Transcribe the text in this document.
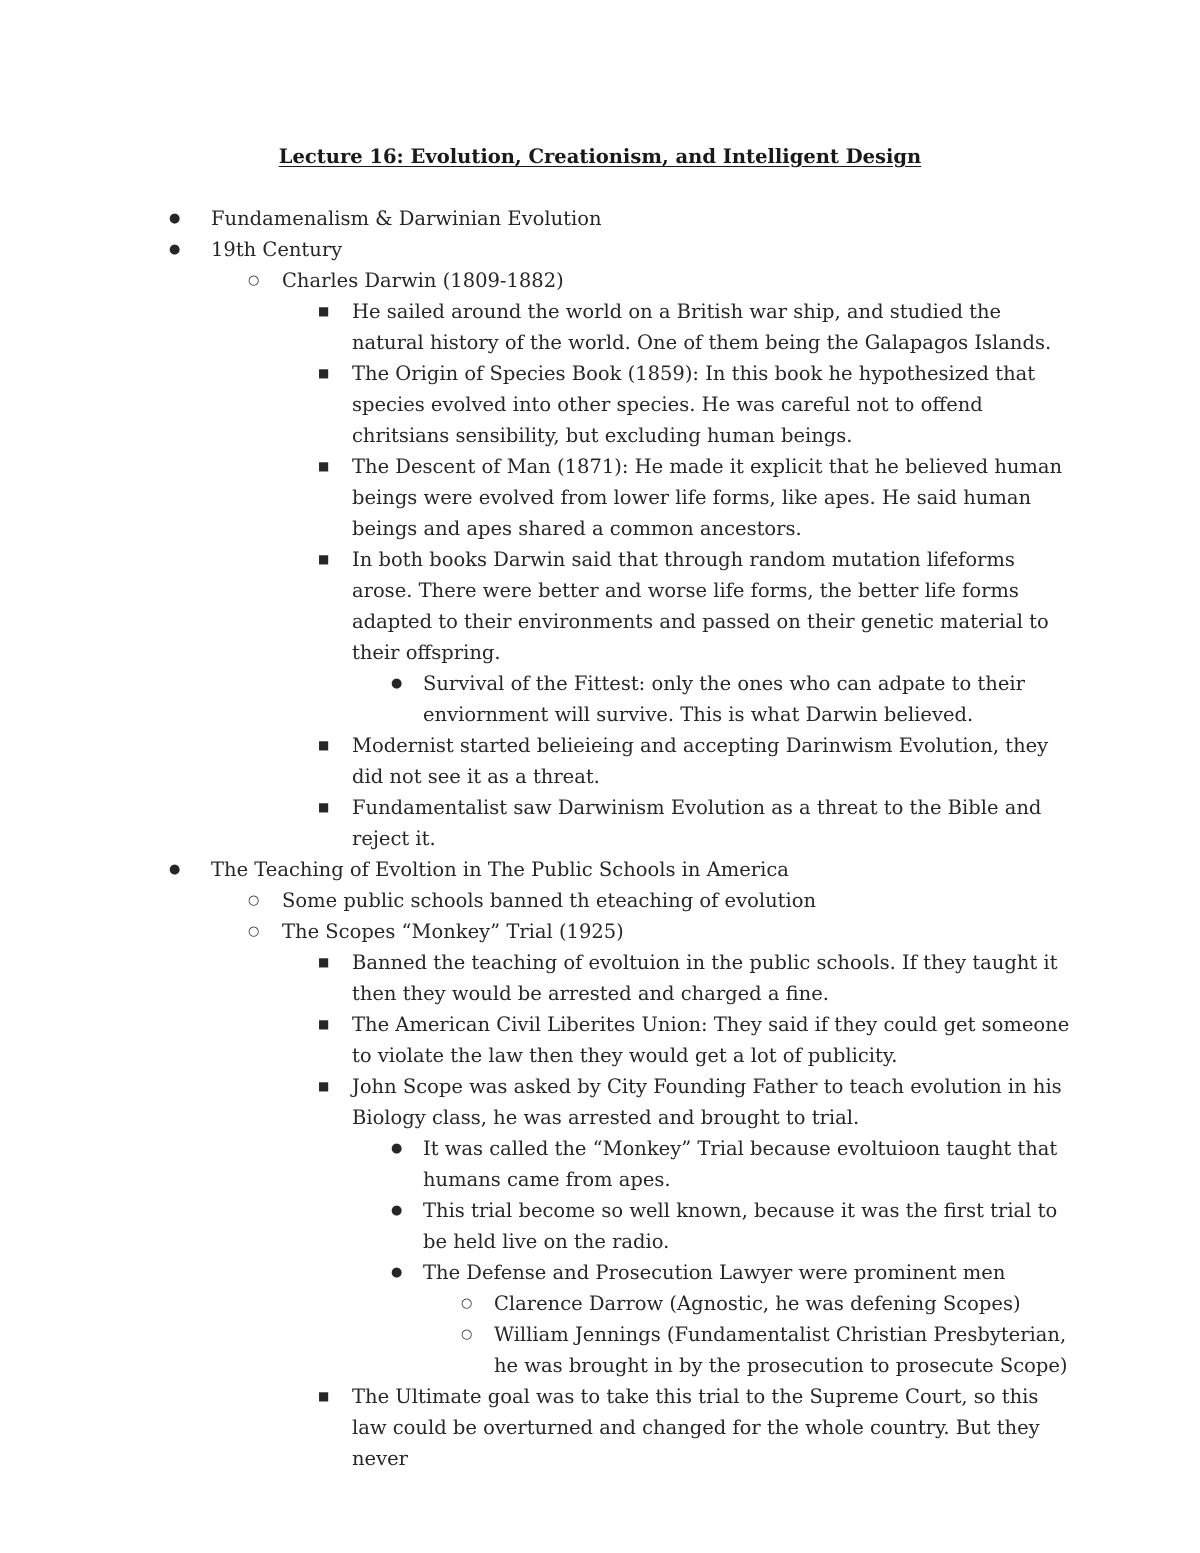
Lecture 16: Evolution, Creationism, and Intelligent Design
● Fundamenalism & Darwinian Evolution
● 19th Century
○ Charles Darwin (1809-1882)
■ He sailed around the world on a British war ship, and studied the natural history of the world. One of them being the Galapagos Islands.
■ The Origin of Species Book (1859): In this book he hypothesized that species evolved into other species. He was careful not to offend chritsians sensibility, but excluding human beings.
■ The Descent of Man (1871): He made it explicit that he believed human beings were evolved from lower life forms, like apes. He said human beings and apes shared a common ancestors.
■ In both books Darwin said that through random mutation lifeforms arose. There were better and worse life forms, the better life forms adapted to their environments and passed on their genetic material to their offspring.
● Survival of the Fittest: only the ones who can adpate to their enviornment will survive. This is what Darwin believed.
■ Modernist started belieieing and accepting Darinwism Evolution, they did not see it as a threat.
■ Fundamentalist saw Darwinism Evolution as a threat to the Bible and reject it.
● The Teaching of Evoltion in The Public Schools in America
○ Some public schools banned th eteaching of evolution
○ The Scopes “Monkey” Trial (1925)
■ Banned the teaching of evoltuion in the public schools. If they taught it then they would be arrested and charged a fine.
■ The American Civil Liberites Union: They said if they could get someone to violate the law then they would get a lot of publicity.
■ John Scope was asked by City Founding Father to teach evolution in his Biology class, he was arrested and brought to trial.
● It was called the “Monkey” Trial because evoltuioon taught that humans came from apes.
● This trial become so well known, because it was the first trial to be held live on the radio.
● The Defense and Prosecution Lawyer were prominent men
○ Clarence Darrow (Agnostic, he was defening Scopes)
○ William Jennings (Fundamentalist Christian Presbyterian, he was brought in by the prosecution to prosecute Scope)
■ The Ultimate goal was to take this trial to the Supreme Court, so this law could be overturned and changed for the whole country. But they never
